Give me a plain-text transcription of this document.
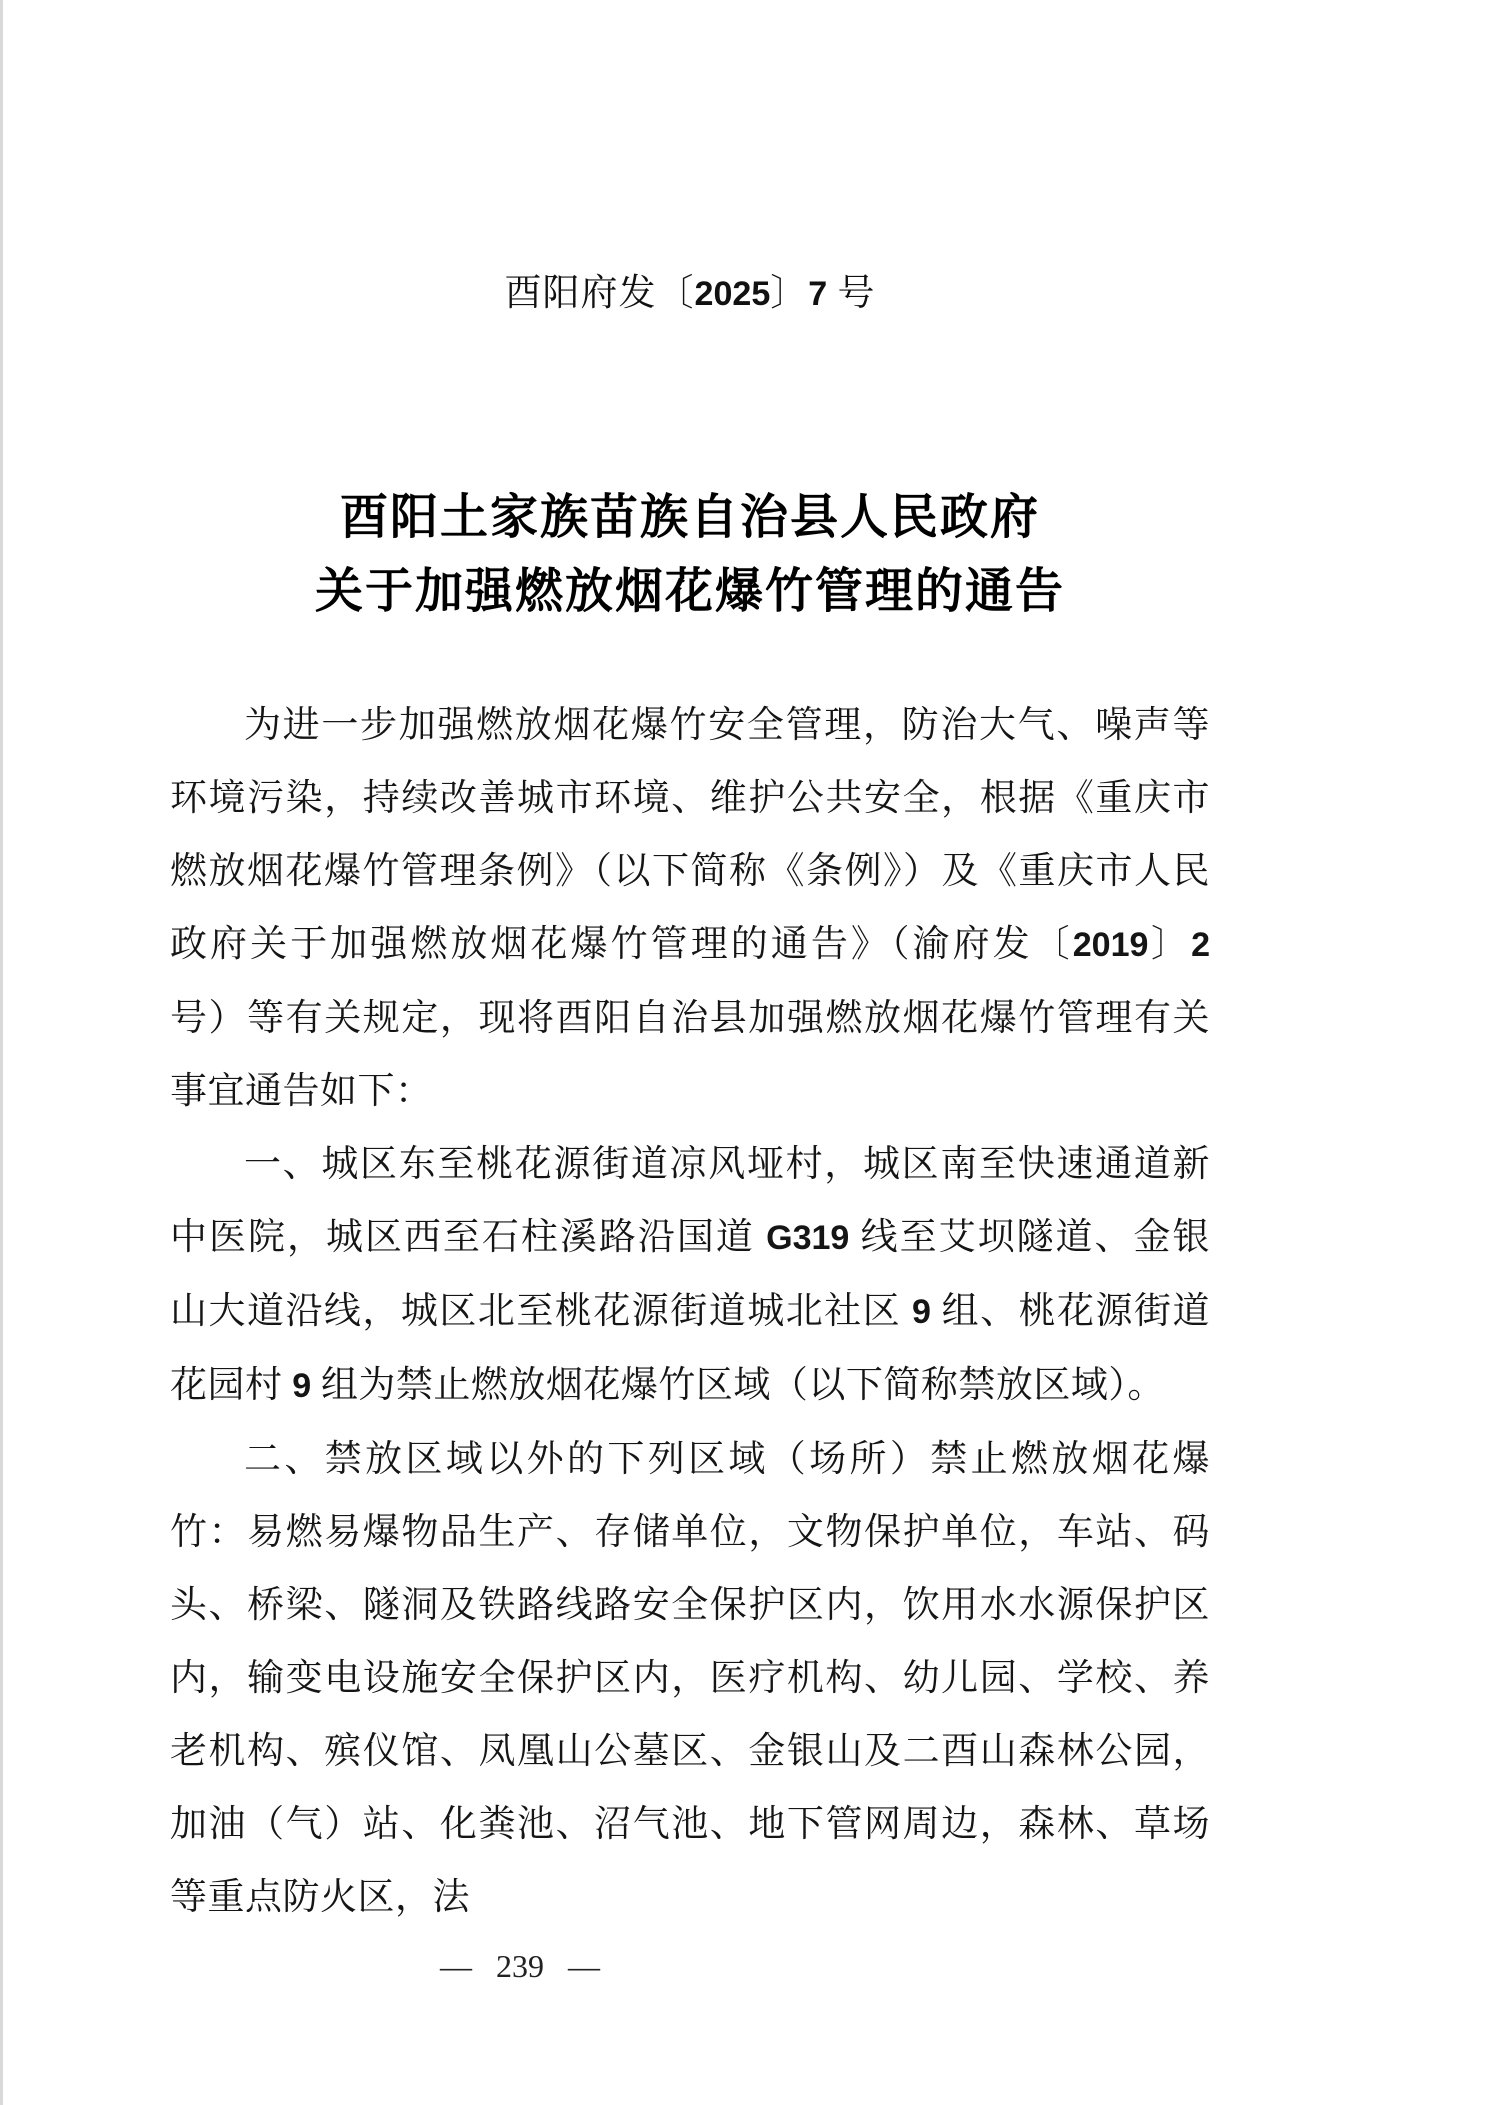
酉阳府发〔2025〕7 号
酉阳土家族苗族自治县人民政府
关于加强燃放烟花爆竹管理的通告

为进一步加强燃放烟花爆竹安全管理，防治大气、噪声等环境污染，持续改善城市环境、维护公共安全，根据《重庆市燃放烟花爆竹管理条例》（以下简称《条例》）及《重庆市人民政府关于加强燃放烟花爆竹管理的通告》（渝府发〔2019〕2 号）等有关规定，现将酉阳自治县加强燃放烟花爆竹管理有关事宜通告如下：

一、城区东至桃花源街道凉风垭村，城区南至快速通道新中医院，城区西至石柱溪路沿国道 G319 线至艾坝隧道、金银山大道沿线，城区北至桃花源街道城北社区 9 组、桃花源街道花园村 9 组为禁止燃放烟花爆竹区域（以下简称禁放区域）。

二、禁放区域以外的下列区域（场所）禁止燃放烟花爆竹：易燃易爆物品生产、存储单位，文物保护单位，车站、码头、桥梁、隧洞及铁路线路安全保护区内，饮用水水源保护区内，输变电设施安全保护区内，医疗机构、幼儿园、学校、养老机构、殡仪馆、凤凰山公墓区、金银山及二酉山森林公园，加油（气）站、化粪池、沼气池、地下管网周边，森林、草场等重点防火区，法

— 239 —
